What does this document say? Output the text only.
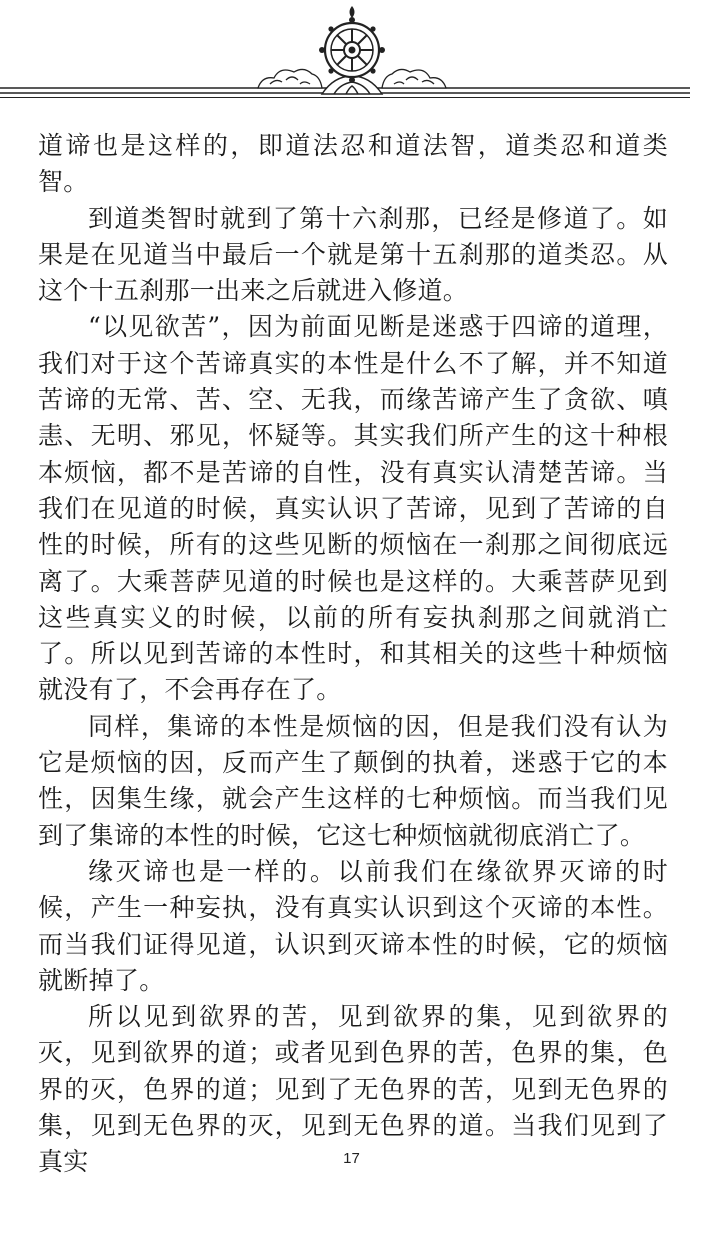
道谛也是这样的，即道法忍和道法智，道类忍和道类智。

到道类智时就到了第十六刹那，已经是修道了。如果是在见道当中最后一个就是第十五刹那的道类忍。从这个十五刹那一出来之后就进入修道。

“以见欲苦”，因为前面见断是迷惑于四谛的道理，我们对于这个苦谛真实的本性是什么不了解，并不知道苦谛的无常、苦、空、无我，而缘苦谛产生了贪欲、嗔恚、无明、邪见，怀疑等。其实我们所产生的这十种根本烦恼，都不是苦谛的自性，没有真实认清楚苦谛。当我们在见道的时候，真实认识了苦谛，见到了苦谛的自性的时候，所有的这些见断的烦恼在一刹那之间彻底远离了。大乘菩萨见道的时候也是这样的。大乘菩萨见到这些真实义的时候，以前的所有妄执刹那之间就消亡了。所以见到苦谛的本性时，和其相关的这些十种烦恼就没有了，不会再存在了。

同样，集谛的本性是烦恼的因，但是我们没有认为它是烦恼的因，反而产生了颠倒的执着，迷惑于它的本性，因集生缘，就会产生这样的七种烦恼。而当我们见到了集谛的本性的时候，它这七种烦恼就彻底消亡了。

缘灭谛也是一样的。以前我们在缘欲界灭谛的时候，产生一种妄执，没有真实认识到这个灭谛的本性。而当我们证得见道，认识到灭谛本性的时候，它的烦恼就断掉了。

所以见到欲界的苦，见到欲界的集，见到欲界的灭，见到欲界的道；或者见到色界的苦，色界的集，色界的灭，色界的道；见到了无色界的苦，见到无色界的集，见到无色界的灭，见到无色界的道。当我们见到了真实	17
